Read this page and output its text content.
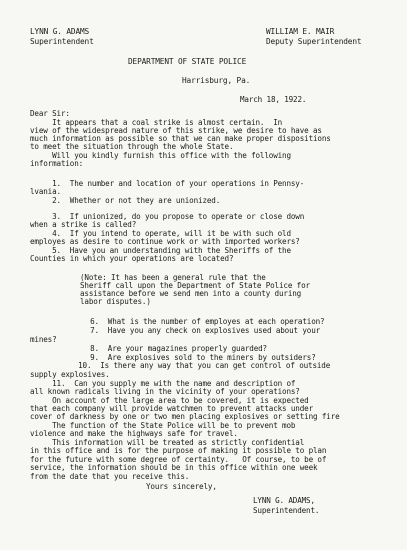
LYNN G. ADAMS
Superintendent
WILLIAM E. MAIR
Deputy Superintendent
DEPARTMENT OF STATE POLICE
Harrisburg, Pa.
March 18, 1922.
Dear Sir:
It appears that a coal strike is almost certain.  In
view of the widespread nature of this strike, we desire to have as
much information as possible so that we can make proper dispositions
to meet the situation through the whole State.
Will you kindly furnish this office with the following
information:
1.  The number and location of your operations in Pennsy-
lvania.
2.  Whether or not they are unionized.
3.  If unionized, do you propose to operate or close down
when a strike is called?
4.  If you intend to operate, will it be with such old
employes as desire to continue work or with imported workers?
5.  Have you an understanding with the Sheriffs of the
Counties in which your operations are located?
(Note: It has been a general rule that the
Sheriff call upon the Department of State Police for
assistance before we send men into a county during
labor disputes.)
6.  What is the number of employes at each operation?
7.  Have you any check on explosives used about your
mines?
8.  Are your magazines properly guarded?
9.  Are explosives sold to the miners by outsiders?
10.  Is there any way that you can get control of outside
supply explosives.
11.  Can you supply me with the name and description of
all known radicals living in the vicinity of your operations?
On account of the large area to be covered, it is expected
that each company will provide watchmen to prevent attacks under
cover of darkness by one or two men placing explosives or setting fire
The function of the State Police will be to prevent mob
violence and make the highways safe for travel.
This information will be treated as strictly confidential
in this office and is for the purpose of making it possible to plan
for the future with some degree of certainty.   Of course, to be of
service, the information should be in this office within one week
from the date that you receive this.
Yours sincerely,
LYNN G. ADAMS,
Superintendent.
